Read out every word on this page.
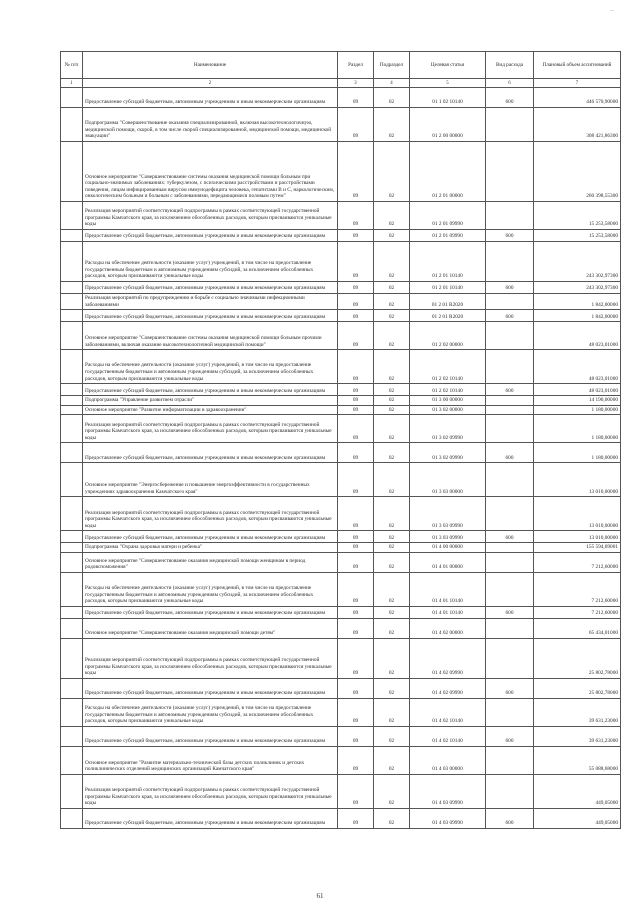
..
№ п/п	Наименование	Раздел	Подраздел	Целевая статья	Вид расхода	Плановый объем ассигнований
1	2	3	4	5	6	7
	Предоставление субсидий бюджетным, автономным учреждениям и иным некоммерческим организациям	09	02	01 1 02 10140	600	446 570,90000
	Подпрограмма "Совершенствование оказания специализированной, включая высокотехнологичную, медицинской помощи, скорой, в том числе скорой специализированной, медицинской помощи, медицинской эвакуации"	09	02	01 2 00 00000		308 421,86300
	Основное мероприятие "Совершенствование системы оказания медицинской помощи больным при социально-значимых заболеваниях: туберкулезом, с психическими расстройствами и расстройствами поведения, лицам инфицированным вирусом иммунодефицита человека, гепатитами B и C, наркологическим, онкологическим больным и больным с заболеваниями, передающимися половым путем"	09	02	01 2 01 00000		260 398,55300
	Реализация мероприятий соответствующей подпрограммы в рамках соответствующей государственной программы Камчатского края, за исключением обособленных расходов, которым присваиваются уникальные коды	09	02	01 2 01 09990		15 253,58000
	Предоставление субсидий бюджетным, автономным учреждениям и иным некоммерческим организациям	09	02	01 2 01 09990	600	15 253,58000
	Расходы на обеспечение деятельности (оказание услуг) учреждений, в том числе на предоставление государственным бюджетным и автономным учреждениям субсидий, за исключением обособленных расходов, которым присваиваются уникальные коды	09	02	01 2 01 10140		243 302,97300
	Предоставление субсидий бюджетным, автономным учреждениям и иным некоммерческим организациям	09	02	01 2 01 10140	600	243 302,97300
	Реализация мероприятий по предупреждению и борьбе с социально значимыми инфекционными заболеваниями	09	02	01 2 01 R2020		1 842,00000
	Предоставление субсидий бюджетным, автономным учреждениям и иным некоммерческим организациям	09	02	01 2 01 R2020	600	1 842,00000
	Основное мероприятие "Совершенствование системы оказания медицинской помощи больным прочими заболеваниями, включая оказание высокотехнологичной медицинской помощи"	09	02	01 2 02 00000		48 023,01000
	Расходы на обеспечение деятельности (оказание услуг) учреждений, в том числе на предоставление государственным бюджетным и автономным учреждениям субсидий, за исключением обособленных расходов, которым присваиваются уникальные коды	09	02	01 2 02 10140		48 023,01000
	Предоставление субсидий бюджетным, автономным учреждениям и иным некоммерческим организациям	09	02	01 2 02 10140	600	48 023,01000
	Подпрограмма "Управление развитием отрасли"	09	02	01 3 00 00000		14 190,00000
	Основное мероприятие "Развитие информатизации в здравоохранении"	09	02	01 3 02 00000		1 180,00000
	Реализация мероприятий соответствующей подпрограммы в рамках соответствующей государственной программы Камчатского края, за исключением обособленных расходов, которым присваиваются уникальные коды	09	02	01 3 02 09990		1 180,00000
	Предоставление субсидий бюджетным, автономным учреждениям и иным некоммерческим организациям	09	02	01 3 02 09990	600	1 180,00000
	Основное мероприятие "Энергосбережение и повышение энергоэффективности в государственных учреждениях здравоохранения Камчатского края"	09	02	01 3 03 00000		13 010,00000
	Реализация мероприятий соответствующей подпрограммы в рамках соответствующей государственной программы Камчатского края, за исключением обособленных расходов, которым присваиваются уникальные коды	09	02	01 3 03 09990		13 010,00000
	Предоставление субсидий бюджетным, автономным учреждениям и иным некоммерческим организациям	09	02	01 3 03 09990	600	13 010,00000
	Подпрограмма "Охрана здоровья матери и ребенка"	09	02	01 4 00 00000		155 594,69001
	Основное мероприятие "Совершенствование оказания медицинской помощи женщинам в период родовспоможения"	09	02	01 4 01 00000		7 212,60000
	Расходы на обеспечение деятельности (оказание услуг) учреждений, в том числе на предоставление государственным бюджетным и автономным учреждениям субсидий, за исключением обособленных расходов, которым присваиваются уникальные коды	09	02	01 4 01 10140		7 212,60000
	Предоставление субсидий бюджетным, автономным учреждениям и иным некоммерческим организациям	09	02	01 4 01 10140	600	7 212,60000
	Основное мероприятие "Совершенствование оказания медицинской помощи детям"	09	02	01 4 02 00000		65 434,01000
	Реализация мероприятий соответствующей подпрограммы в рамках соответствующей государственной программы Камчатского края, за исключением обособленных расходов, которым присваиваются уникальные коды	09	02	01 4 02 09990		25 802,78000
	Предоставление субсидий бюджетным, автономным учреждениям и иным некоммерческим организациям	09	02	01 4 02 09990	600	25 802,78000
	Расходы на обеспечение деятельности (оказание услуг) учреждений, в том числе на предоставление государственным бюджетным и автономным учреждениям субсидий, за исключением обособленных расходов, которым присваиваются уникальные коды	09	02	01 4 02 10140		39 631,23000
	Предоставление субсидий бюджетным, автономным учреждениям и иным некоммерческим организациям	09	02	01 4 02 10140	600	39 631,23000
	Основное мероприятие "Развитие материально-технической базы детских поликлиник и детских поликлинических отделений медицинских организаций Камчатского края"	09	02	01 4 03 00000		55 088,68000
	Реализация мероприятий соответствующей подпрограммы в рамках соответствующей государственной программы Камчатского края, за исключением обособленных расходов, которым присваиваются уникальные коды	09	02	01 4 03 09990		449,05000
	Предоставление субсидий бюджетным, автономным учреждениям и иным некоммерческим организациям	09	02	01 4 03 09990	600	449,05000
61
